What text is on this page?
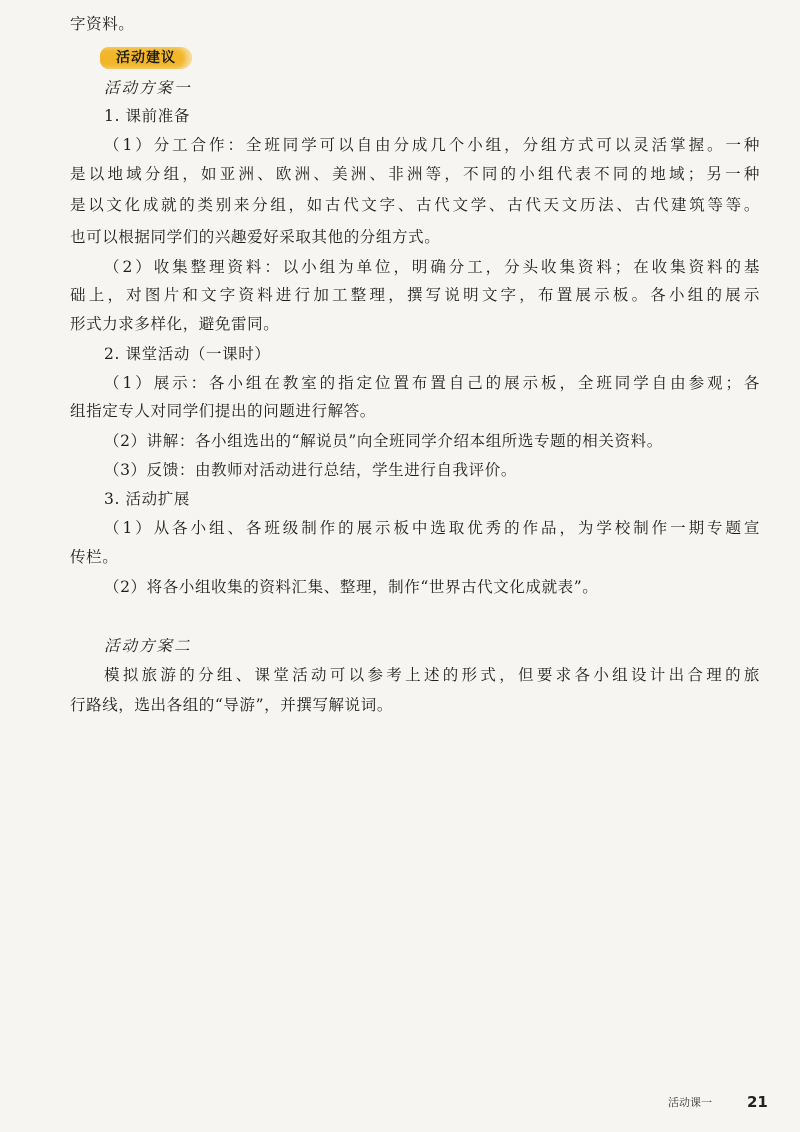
字资料。
活动建议
活动方案一
1. 课前准备
（1）分工合作：全班同学可以自由分成几个小组，分组方式可以灵活掌握。一种
是以地域分组，如亚洲、欧洲、美洲、非洲等，不同的小组代表不同的地域；另一种
是以文化成就的类别来分组，如古代文字、古代文学、古代天文历法、古代建筑等等。
也可以根据同学们的兴趣爱好采取其他的分组方式。
（2）收集整理资料：以小组为单位，明确分工，分头收集资料；在收集资料的基
础上，对图片和文字资料进行加工整理，撰写说明文字，布置展示板。各小组的展示
形式力求多样化，避免雷同。
2. 课堂活动（一课时）
（1）展示：各小组在教室的指定位置布置自己的展示板，全班同学自由参观；各
组指定专人对同学们提出的问题进行解答。
（2）讲解：各小组选出的“解说员”向全班同学介绍本组所选专题的相关资料。
（3）反馈：由教师对活动进行总结，学生进行自我评价。
3. 活动扩展
（1）从各小组、各班级制作的展示板中选取优秀的作品，为学校制作一期专题宣
传栏。
（2）将各小组收集的资料汇集、整理，制作“世界古代文化成就表”。
活动方案二
模拟旅游的分组、课堂活动可以参考上述的形式，但要求各小组设计出合理的旅
行路线，选出各组的“导游”，并撰写解说词。
活动课一 21
